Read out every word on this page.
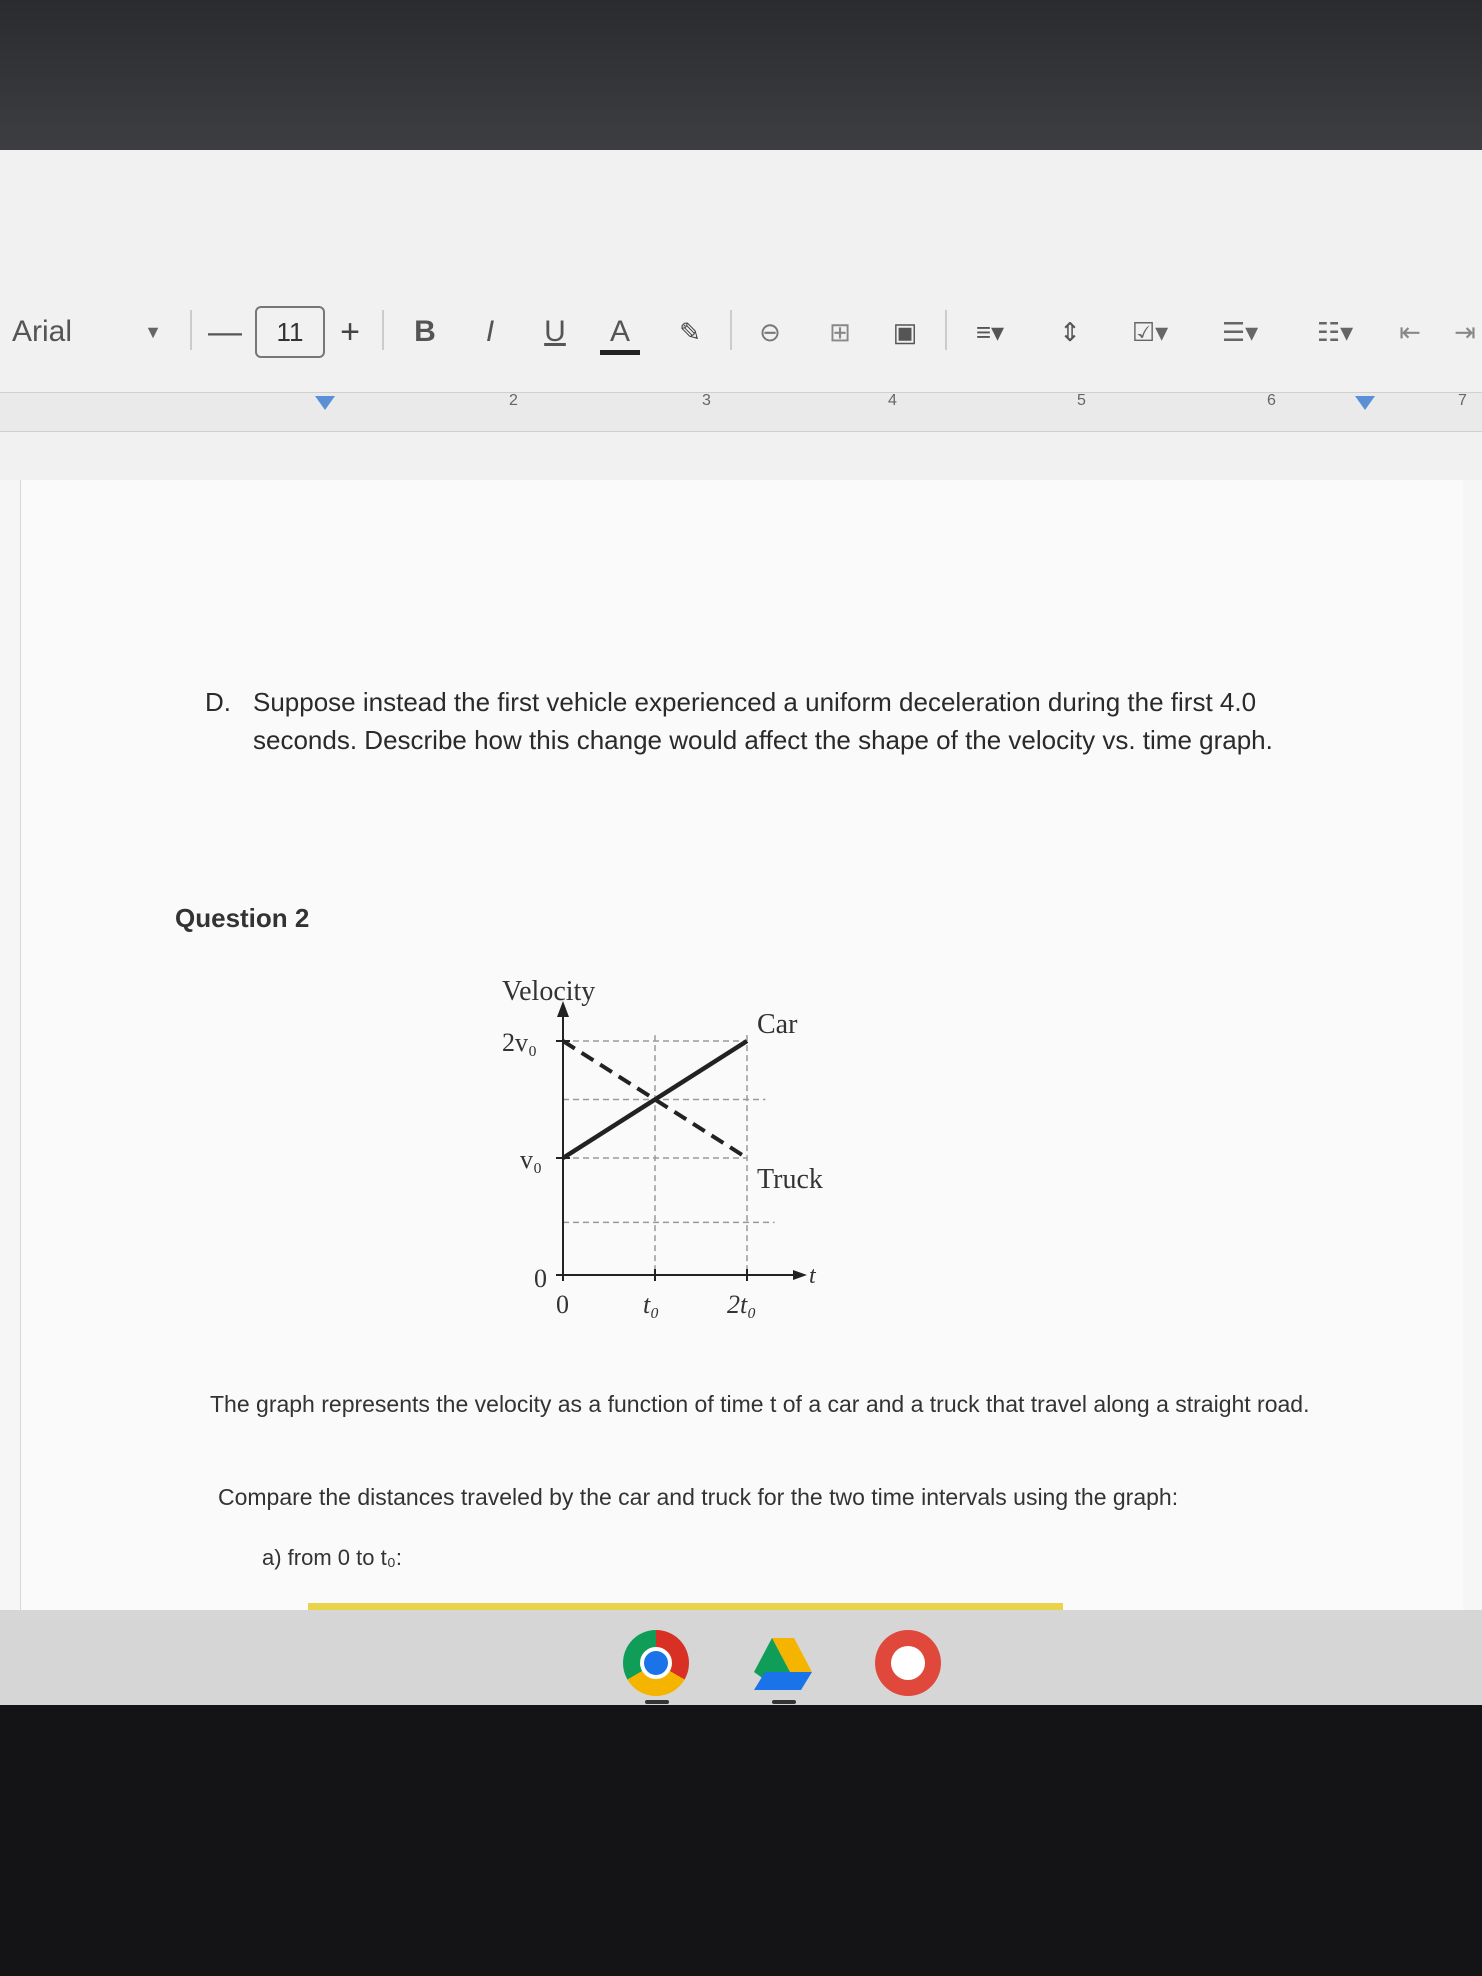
Arial	▼ —	11	+	B	I	U	A	✎	⊖	⊞	▣	≡▾	⇕	☑▾	☰▾	☷▾	⇤	⇥
2	3	4	5	6	7
D. Suppose instead the first vehicle experienced a uniform deceleration during the first 4.0 seconds. Describe how this change would affect the shape of the velocity vs. time graph.
Question 2
Velocity
2v₀
v₀
0
0	t₀	2t₀
t
Car
Truck
The graph represents the velocity as a function of time t of a car and a truck that travel along a straight road.
Compare the distances traveled by the car and truck for the two time intervals using the graph:
a) from 0 to t₀:
